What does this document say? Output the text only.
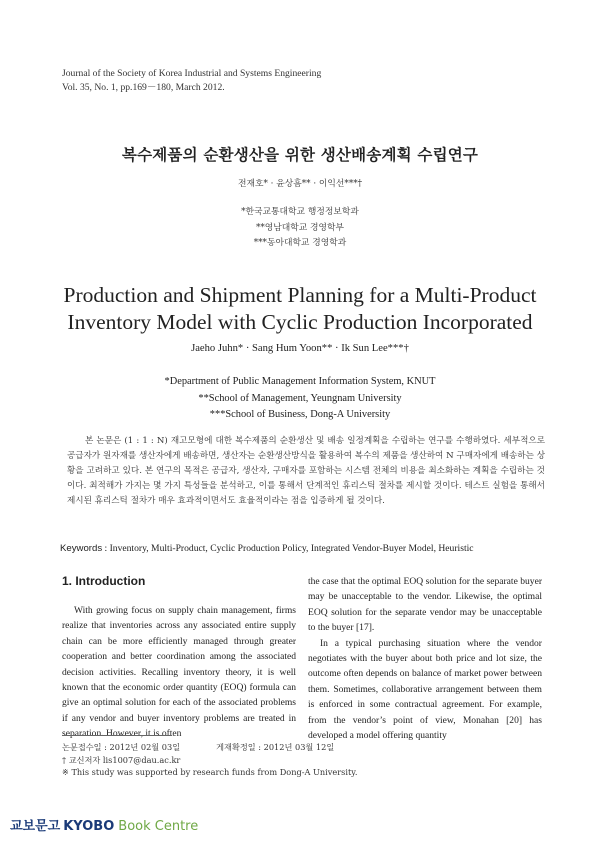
Journal of the Society of Korea Industrial and Systems Engineering
Vol. 35, No. 1, pp.169－180, March 2012.
복수제품의 순환생산을 위한 생산배송계획 수립연구
전재호* · 윤상흠** · 이익선***†
*한국교통대학교 행정정보학과
**영남대학교 경영학부
***동아대학교 경영학과
Production and Shipment Planning for a Multi-Product
Inventory Model with Cyclic Production Incorporated
Jaeho Juhn* · Sang Hum Yoon** · Ik Sun Lee***†
*Department of Public Management Information System, KNUT
**School of Management, Yeungnam University
***School of Business, Dong-A University
본 논문은 (1 : 1 : N) 재고모형에 대한 복수제품의 순환생산 및 배송 일정계획을 수립하는 연구를 수행하였다. 세부적으로 공급자가 원자재를 생산자에게 배송하면, 생산자는 순환생산방식을 활용하여 복수의 제품을 생산하여 N 구매자에게 배송하는 상황을 고려하고 있다. 본 연구의 목적은 공급자, 생산자, 구매자를 포함하는 시스템 전체의 비용을 최소화하는 계획을 수립하는 것이다. 최적해가 가지는 몇 가지 특성들을 분석하고, 이를 통해서 단계적인 휴리스틱 절차를 제시할 것이다. 테스트 실험을 통해서 제시된 휴리스틱 절차가 매우 효과적이면서도 효율적이라는 점을 입증하게 될 것이다.
Keywords : Inventory, Multi-Product, Cyclic Production Policy, Integrated Vendor-Buyer Model, Heuristic
1. Introduction
With growing focus on supply chain management, firms realize that inventories across any associated entire supply chain can be more efficiently managed through greater cooperation and better coordination among the associated decision activities. Recalling inventory theory, it is well known that the economic order quantity (EOQ) formula can give an optimal solution for each of the associated problems if any vendor and buyer inventory problems are treated in separation. However, it is often

the case that the optimal EOQ solution for the separate buyer may be unacceptable to the vendor. Likewise, the optimal EOQ solution for the separate vendor may be unacceptable to the buyer [17].

In a typical purchasing situation where the vendor negotiates with the buyer about both price and lot size, the outcome often depends on balance of market power between them. Sometimes, collaborative arrangement between them is enforced in some contractual agreement. For example, from the vendor’s point of view, Monahan [20] has developed a model offering quantity

논문접수일 : 2012년 02월 03일	게재확정일 : 2012년 03월 12일
† 교신저자 lis1007@dau.ac.kr
※ This study was supported by research funds from Dong-A University.
교보문고 KYOBO Book Centre
